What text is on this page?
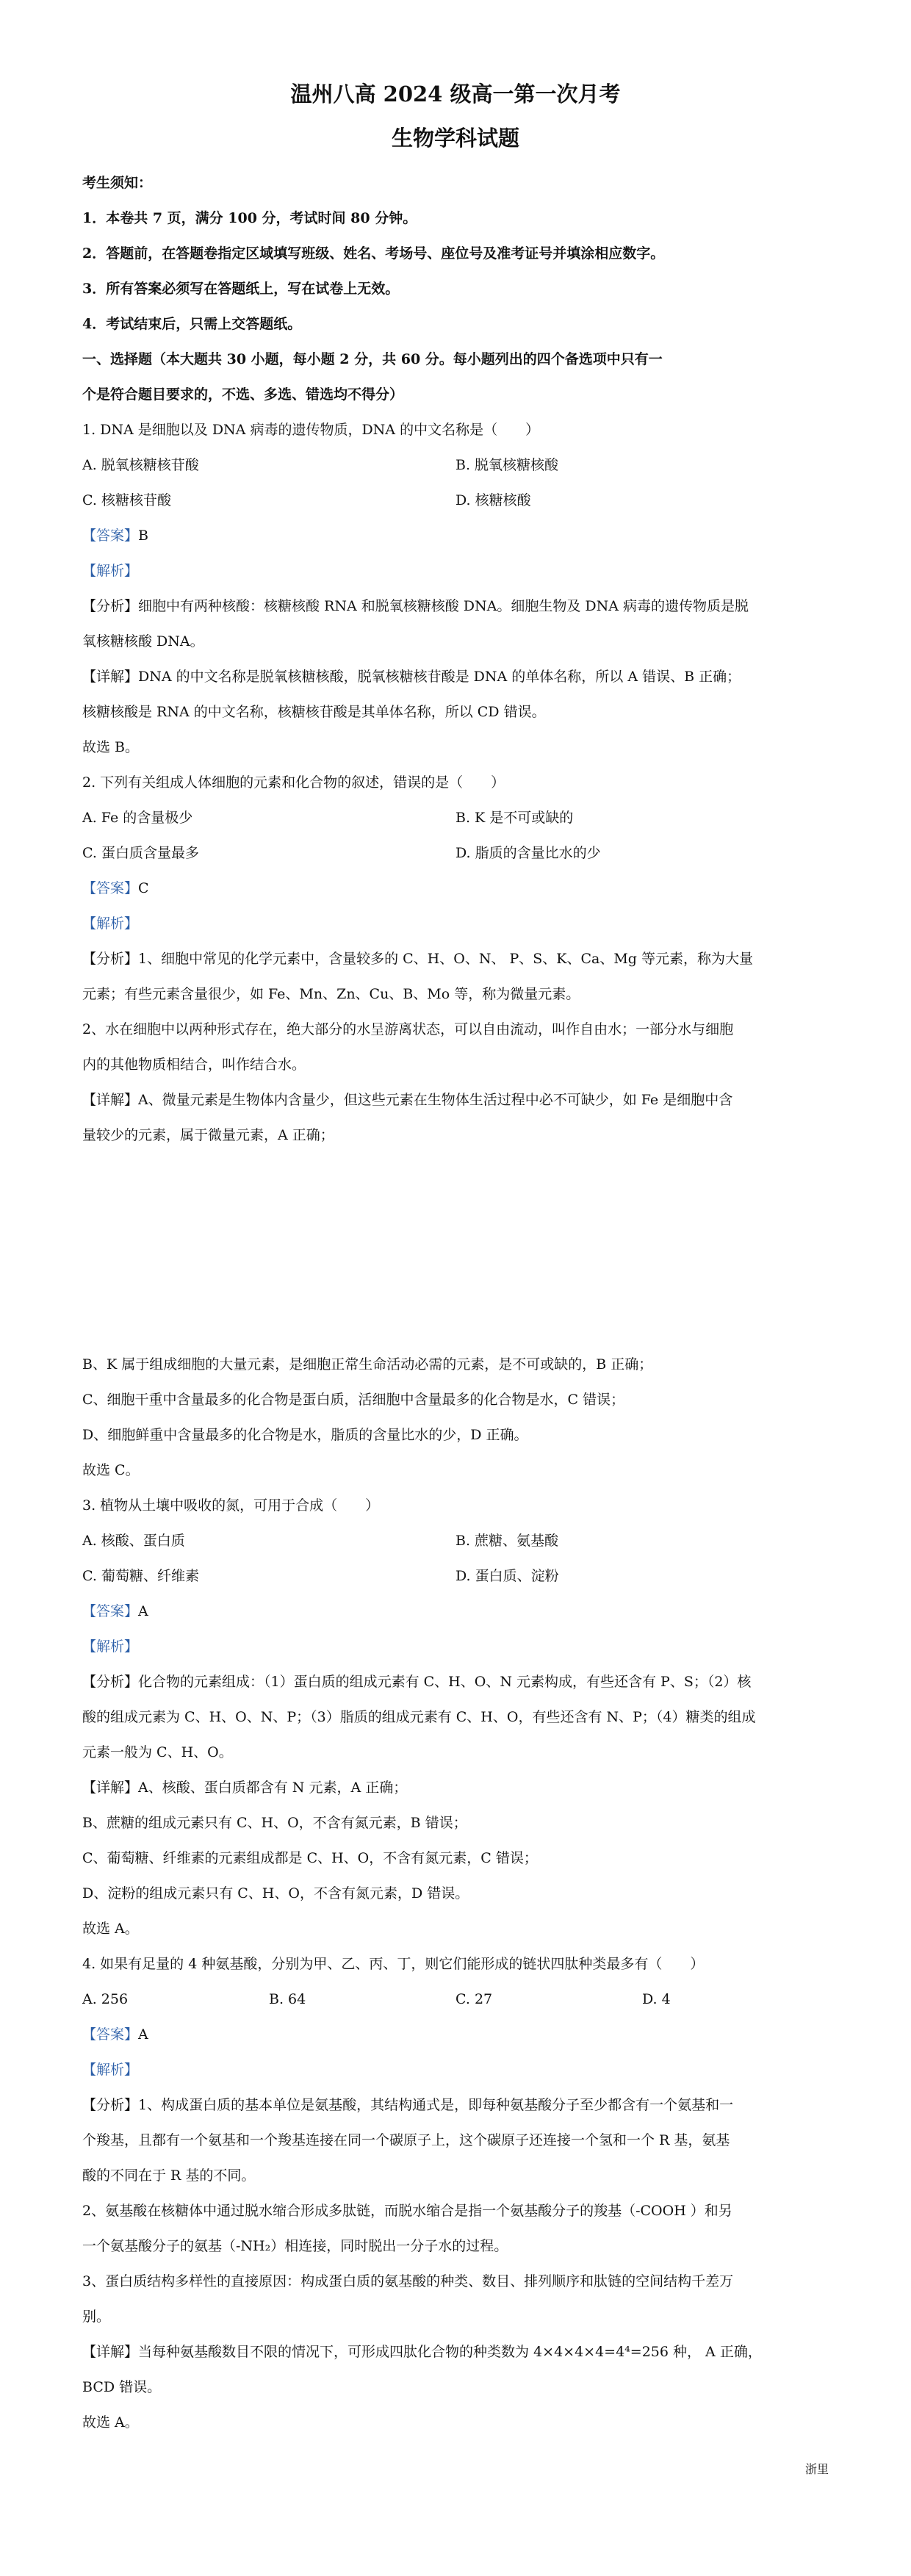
温州八高 2024 级高一第一次月考
生物学科试题
考生须知：
1．本卷共 7 页，满分 100 分，考试时间 80 分钟。
2．答题前，在答题卷指定区域填写班级、姓名、考场号、座位号及准考证号并填涂相应数字。
3．所有答案必须写在答题纸上，写在试卷上无效。
4．考试结束后，只需上交答题纸。
一、选择题（本大题共 30 小题，每小题 2 分，共 60 分。每小题列出的四个备选项中只有一
个是符合题目要求的，不选、多选、错选均不得分）
1. DNA 是细胞以及 DNA 病毒的遗传物质，DNA 的中文名称是（　　）
A. 脱氧核糖核苷酸	B. 脱氧核糖核酸
C. 核糖核苷酸	D. 核糖核酸
【答案】B
【解析】
【分析】细胞中有两种核酸：核糖核酸 RNA 和脱氧核糖核酸 DNA。细胞生物及 DNA 病毒的遗传物质是脱
氧核糖核酸 DNA。
【详解】DNA 的中文名称是脱氧核糖核酸，脱氧核糖核苷酸是 DNA 的单体名称，所以 A 错误、B 正确；
核糖核酸是 RNA 的中文名称，核糖核苷酸是其单体名称，所以 CD 错误。
故选 B。
2. 下列有关组成人体细胞的元素和化合物的叙述，错误的是（　　）
A. Fe 的含量极少	B. K 是不可或缺的
C. 蛋白质含量最多	D. 脂质的含量比水的少
【答案】C
【解析】
【分析】1、细胞中常见的化学元素中，含量较多的 C、H、O、N、 P、S、K、Ca、Mg 等元素，称为大量
元素；有些元素含量很少，如 Fe、Mn、Zn、Cu、B、Mo 等，称为微量元素。
2、水在细胞中以两种形式存在，绝大部分的水呈游离状态，可以自由流动，叫作自由水；一部分水与细胞
内的其他物质相结合，叫作结合水。
【详解】A、微量元素是生物体内含量少，但这些元素在生物体生活过程中必不可缺少，如 Fe 是细胞中含
量较少的元素，属于微量元素，A 正确；
B、K 属于组成细胞的大量元素，是细胞正常生命活动必需的元素，是不可或缺的，B 正确；
C、细胞干重中含量最多的化合物是蛋白质，活细胞中含量最多的化合物是水，C 错误；
D、细胞鲜重中含量最多的化合物是水，脂质的含量比水的少，D 正确。
故选 C。
3. 植物从土壤中吸收的氮，可用于合成（　　）
A. 核酸、蛋白质	B. 蔗糖、氨基酸
C. 葡萄糖、纤维素	D. 蛋白质、淀粉
【答案】A
【解析】
【分析】化合物的元素组成：（1）蛋白质的组成元素有 C、H、O、N 元素构成，有些还含有 P、S；（2）核
酸的组成元素为 C、H、O、N、P；（3）脂质的组成元素有 C、H、O，有些还含有 N、P；（4）糖类的组成
元素一般为 C、H、O。
【详解】A、核酸、蛋白质都含有 N 元素，A 正确；
B、蔗糖的组成元素只有 C、H、O，不含有氮元素，B 错误；
C、葡萄糖、纤维素的元素组成都是 C、H、O，不含有氮元素，C 错误；
D、淀粉的组成元素只有 C、H、O，不含有氮元素，D 错误。
故选 A。
4. 如果有足量的 4 种氨基酸，分别为甲、乙、丙、丁，则它们能形成的链状四肽种类最多有（　　）
A. 256	B. 64	C. 27	D. 4
【答案】A
【解析】
【分析】1、构成蛋白质的基本单位是氨基酸，其结构通式是，即每种氨基酸分子至少都含有一个氨基和一
个羧基，且都有一个氨基和一个羧基连接在同一个碳原子上，这个碳原子还连接一个氢和一个 R 基，氨基
酸的不同在于 R 基的不同。
2、氨基酸在核糖体中通过脱水缩合形成多肽链，而脱水缩合是指一个氨基酸分子的羧基（-COOH ）和另
一个氨基酸分子的氨基（-NH₂）相连接，同时脱出一分子水的过程。
3、蛋白质结构多样性的直接原因：构成蛋白质的氨基酸的种类、数目、排列顺序和肽链的空间结构千差万
别。
【详解】当每种氨基酸数目不限的情况下，可形成四肽化合物的种类数为 4×4×4×4=4⁴=256 种， A 正确，
BCD 错误。
故选 A。
浙里
